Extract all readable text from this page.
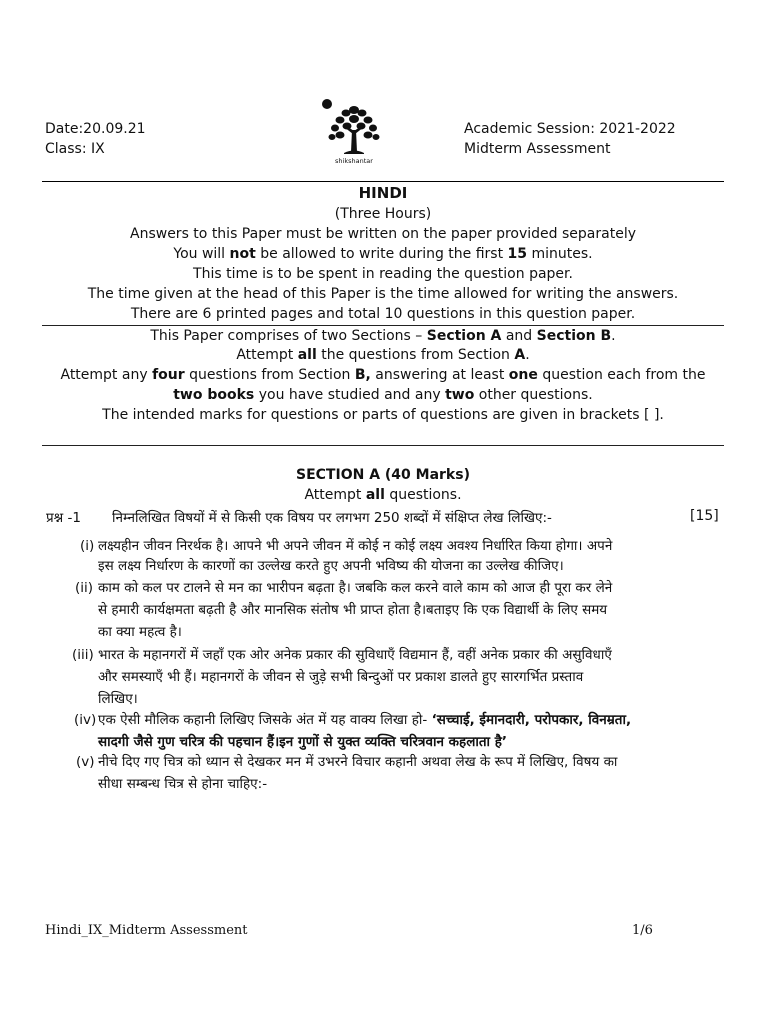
Date:20.09.21
Class: IX
Academic Session: 2021-2022
Midterm Assessment
shikshantar
HINDI
(Three Hours)
Answers to this Paper must be written on the paper provided separately
You will not be allowed to write during the first 15 minutes.
This time is to be spent in reading the question paper.
The time given at the head of this Paper is the time allowed for writing the answers.
There are 6 printed pages and total 10 questions in this question paper.
This Paper comprises of two Sections – Section A and Section B.
Attempt all the questions from Section A.
Attempt any four questions from Section B, answering at least one question each from the
two books you have studied and any two other questions.
The intended marks for questions or parts of questions are given in brackets [ ].
SECTION A (40 Marks)
Attempt all questions.
प्रश्न -1 निम्नलिखित विषयों में से किसी एक विषय पर लगभग 250 शब्दों में संक्षिप्त लेख लिखिए:-	[15]
(i) लक्ष्यहीन जीवन निरर्थक है। आपने भी अपने जीवन में कोई न कोई लक्ष्य अवश्य निर्धारित किया होगा। अपने
इस लक्ष्य निर्धारण के कारणों का उल्लेख करते हुए अपनी भविष्य की योजना का उल्लेख कीजिए।
(ii) काम को कल पर टालने से मन का भारीपन बढ़ता है। जबकि कल करने वाले काम को आज ही पूरा कर लेने
से हमारी कार्यक्षमता बढ़ती है और मानसिक संतोष भी प्राप्त होता है।बताइए कि एक विद्यार्थी के लिए समय
का क्या महत्व है।
(iii) भारत के महानगरों में जहाँ एक ओर अनेक प्रकार की सुविधाएँ विद्यमान हैं, वहीं अनेक प्रकार की असुविधाएँ
और समस्याएँ भी हैं। महानगरों के जीवन से जुड़े सभी बिन्दुओं पर प्रकाश डालते हुए सारगर्भित प्रस्ताव
लिखिए।
(iv) एक ऐसी मौलिक कहानी लिखिए जिसके अंत में यह वाक्य लिखा हो- ‘सच्चाई, ईमानदारी, परोपकार, विनम्रता,
सादगी जैसे गुण चरित्र की पहचान हैं।इन गुणों से युक्त व्यक्ति चरित्रवान कहलाता है’
(v) नीचे दिए गए चित्र को ध्यान से देखकर मन में उभरने विचार कहानी अथवा लेख के रूप में लिखिए, विषय का
सीधा सम्बन्ध चित्र से होना चाहिए:-
Hindi_IX_Midterm Assessment	1/6
